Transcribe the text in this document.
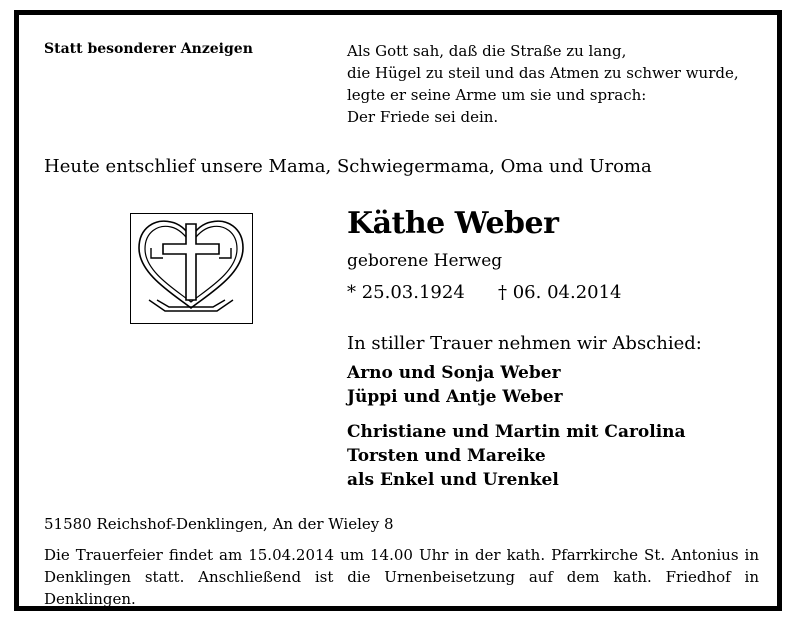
Statt besonderer Anzeigen	Als Gott sah, daß die Straße zu lang,
die Hügel zu steil und das Atmen zu schwer wurde,
legte er seine Arme um sie und sprach:
Der Friede sei dein.
Heute entschlief unsere Mama, Schwiegermama, Oma und Uroma
Käthe Weber
geborene Herweg
* 25.03.1924 † 06. 04.2014
In stiller Trauer nehmen wir Abschied:
Arno und Sonja Weber
Jüppi und Antje Weber
Christiane und Martin mit Carolina
Torsten und Mareike
als Enkel und Urenkel
51580 Reichshof-Denklingen, An der Wieley 8
Die Trauerfeier findet am 15.04.2014 um 14.00 Uhr in der kath. Pfarrkirche St. Antonius in
Denklingen statt. Anschließend ist die Urnenbeisetzung auf dem kath. Friedhof in Denklingen.
